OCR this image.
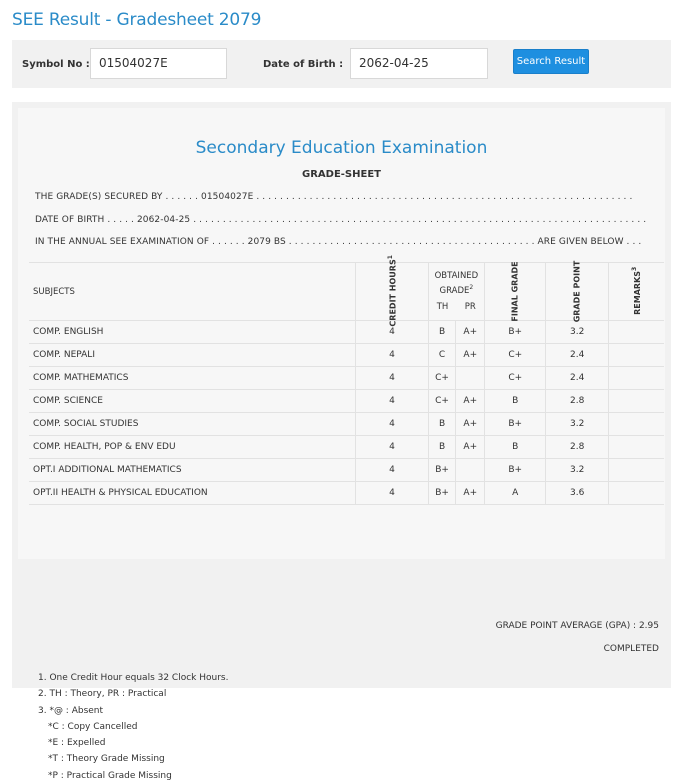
SEE Result - Gradesheet 2079
Symbol No : 01504027E	Date of Birth :	2062-04-25	Search Result
Secondary Education Examination
GRADE-SHEET
THE GRADE(S) SECURED BY . . . . . . 01504027E . . . . . . . . . . . . . . . . . . . . . . . . . . . . . . . . . . . . . . . . . . . . . . . . . . . . . . . . . . . . . . . .
DATE OF BIRTH . . . . . 2062-04-25 . . . . . . . . . . . . . . . . . . . . . . . . . . . . . . . . . . . . . . . . . . . . . . . . . . . . . . . . . . . . . . . . . . . . . . . . . . . . .
IN THE ANNUAL SEE EXAMINATION OF . . . . . . 2079 BS . . . . . . . . . . . . . . . . . . . . . . . . . . . . . . . . . . . . . . . . . . ARE GIVEN BELOW . . .
SUBJECTS	CREDIT HOURS$^1$	OBTAINED GRADE$^2$
TH PR		FINAL GRADE	GRADE POINT	REMARKS$^3$
COMP. ENGLISH	4	B	A+	B+	3.2	
COMP. NEPALI	4	C	A+	C+	2.4	
COMP. MATHEMATICS	4	C+		C+	2.4	
COMP. SCIENCE	4	C+	A+	B	2.8	
COMP. SOCIAL STUDIES	4	B	A+	B+	3.2	
COMP. HEALTH, POP & ENV EDU	4	B	A+	B	2.8	
OPT.I ADDITIONAL MATHEMATICS	4	B+		B+	3.2	
OPT.II HEALTH & PHYSICAL EDUCATION	4	B+	A+	A	3.6	
GRADE POINT AVERAGE (GPA) : 2.95
COMPLETED
1. One Credit Hour equals 32 Clock Hours.
2. TH : Theory, PR : Practical
3. *@ : Absent
*C : Copy Cancelled
*E : Expelled
*T : Theory Grade Missing
*P : Practical Grade Missing
